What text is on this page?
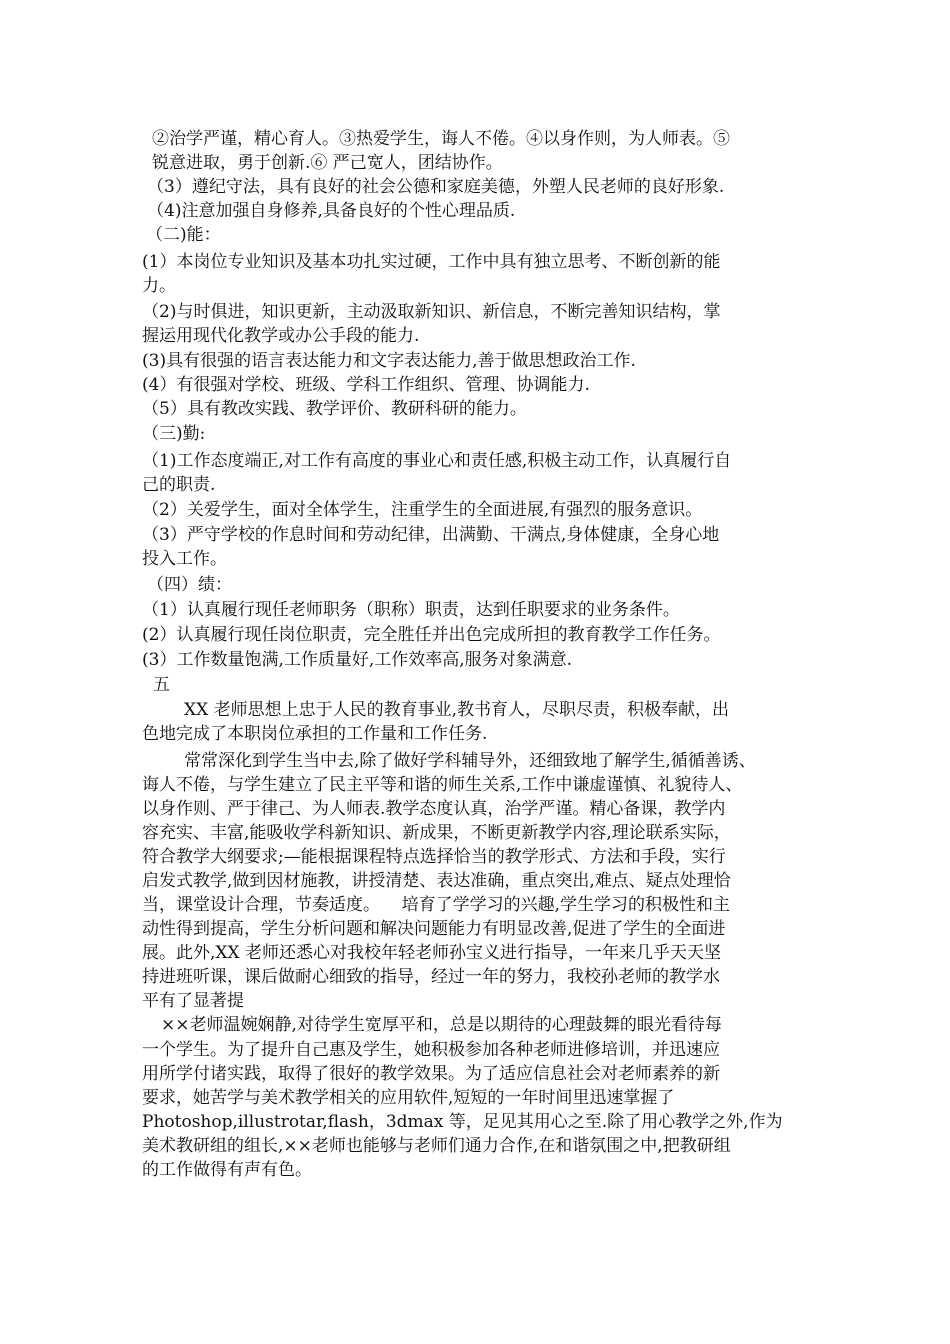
②治学严谨，精心育人。③热爱学生，诲人不倦。④以身作则，为人师表。⑤
锐意进取，勇于创新.⑥ 严己宽人，团结协作。
（3）遵纪守法，具有良好的社会公德和家庭美德，外塑人民老师的良好形象.
（4)注意加强自身修养,具备良好的个性心理品质.
（二)能：
(1）本岗位专业知识及基本功扎实过硬，工作中具有独立思考、不断创新的能
力。
（2)与时俱进，知识更新，主动汲取新知识、新信息，不断完善知识结构，掌
握运用现代化教学或办公手段的能力.
(3)具有很强的语言表达能力和文字表达能力,善于做思想政治工作.
(4）有很强对学校、班级、学科工作组织、管理、协调能力.
（5）具有教改实践、教学评价、教研科研的能力。
（三)勤:
（1)工作态度端正,对工作有高度的事业心和责任感,积极主动工作，认真履行自
己的职责.
（2）关爱学生，面对全体学生，注重学生的全面进展,有强烈的服务意识。
（3）严守学校的作息时间和劳动纪律，出满勤、干满点,身体健康，全身心地
投入工作。
（四）绩：
（1）认真履行现任老师职务（职称）职责，达到任职要求的业务条件。
(2）认真履行现任岗位职责，完全胜任并出色完成所担的教育教学工作任务。
(3）工作数量饱满,工作质量好,工作效率高,服务对象满意.
五
XX 老师思想上忠于人民的教育事业,教书育人，尽职尽责，积极奉献，出
色地完成了本职岗位承担的工作量和工作任务.
常常深化到学生当中去,除了做好学科辅导外，还细致地了解学生,循循善诱、
诲人不倦，与学生建立了民主平等和谐的师生关系,工作中谦虚谨慎、礼貌待人、
以身作则、严于律己、为人师表.教学态度认真，治学严谨。精心备课，教学内
容充实、丰富,能吸收学科新知识、新成果，不断更新教学内容,理论联系实际，
符合教学大纲要求;—能根据课程特点选择恰当的教学形式、方法和手段，实行
启发式教学,做到因材施教，讲授清楚、表达准确，重点突出,难点、疑点处理恰
当，课堂设计合理，节奏适度。    培育了学学习的兴趣,学生学习的积极性和主
动性得到提高，学生分析问题和解决问题能力有明显改善,促进了学生的全面进
展。此外,XX 老师还悉心对我校年轻老师孙宝义进行指导，一年来几乎天天坚
持进班听课，课后做耐心细致的指导，经过一年的努力，我校孙老师的教学水
平有了显著提
××老师温婉娴静,对待学生宽厚平和，总是以期待的心理鼓舞的眼光看待每
一个学生。为了提升自己惠及学生，她积极参加各种老师进修培训，并迅速应
用所学付诸实践，取得了很好的教学效果。为了适应信息社会对老师素养的新
要求，她苦学与美术教学相关的应用软件,短短的一年时间里迅速掌握了
Photoshop,illustrotar,flash，3dmax 等，足见其用心之至.除了用心教学之外,作为
美术教研组的组长,××老师也能够与老师们通力合作,在和谐氛围之中,把教研组
的工作做得有声有色。
